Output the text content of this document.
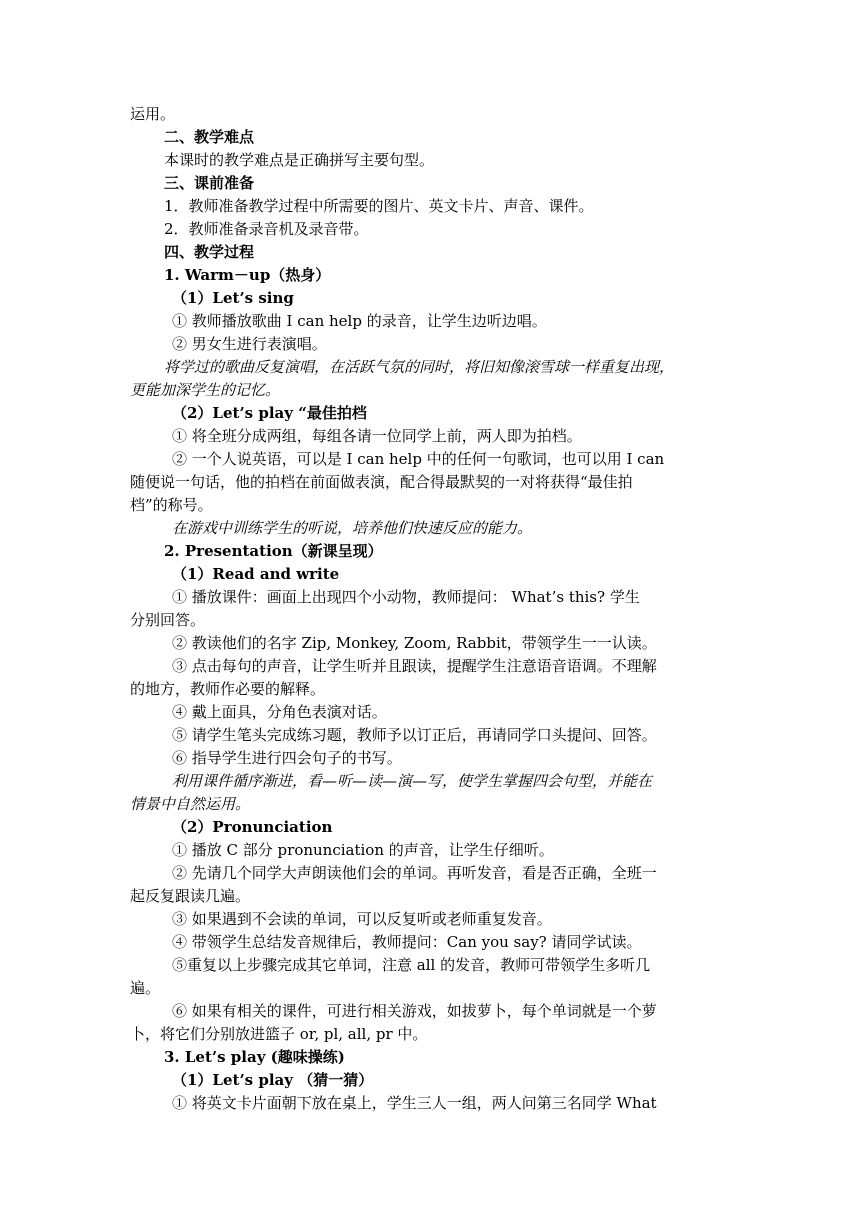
运用。
二、教学难点
本课时的教学难点是正确拼写主要句型。
三、课前准备
1．教师准备教学过程中所需要的图片、英文卡片、声音、课件。
2．教师准备录音机及录音带。
四、教学过程
1. Warm－up（热身）
（1）Let’s sing
① 教师播放歌曲 I can help 的录音，让学生边听边唱。
② 男女生进行表演唱。
将学过的歌曲反复演唱，在活跃气氛的同时，将旧知像滚雪球一样重复出现，
更能加深学生的记忆。
（2）Let’s play “最佳拍档
① 将全班分成两组，每组各请一位同学上前，两人即为拍档。
② 一个人说英语，可以是 I can help 中的任何一句歌词，也可以用 I can
随便说一句话，他的拍档在前面做表演，配合得最默契的一对将获得“最佳拍
档”的称号。
在游戏中训练学生的听说，培养他们快速反应的能力。
2. Presentation（新课呈现）
（1）Read and write
① 播放课件：画面上出现四个小动物，教师提问： What’s this? 学生
分别回答。
② 教读他们的名字 Zip, Monkey, Zoom, Rabbit，带领学生一一认读。
③ 点击每句的声音，让学生听并且跟读，提醒学生注意语音语调。不理解
的地方，教师作必要的解释。
④ 戴上面具，分角色表演对话。
⑤ 请学生笔头完成练习题，教师予以订正后，再请同学口头提问、回答。
⑥ 指导学生进行四会句子的书写。
利用课件循序渐进，看—听—读—演—写，使学生掌握四会句型，并能在
情景中自然运用。
（2）Pronunciation
① 播放 C 部分 pronunciation 的声音，让学生仔细听。
② 先请几个同学大声朗读他们会的单词。再听发音，看是否正确，全班一
起反复跟读几遍。
③ 如果遇到不会读的单词，可以反复听或老师重复发音。
④ 带领学生总结发音规律后，教师提问：Can you say? 请同学试读。
⑤重复以上步骤完成其它单词，注意 all 的发音，教师可带领学生多听几
遍。
⑥ 如果有相关的课件，可进行相关游戏，如拔萝卜，每个单词就是一个萝
卜，将它们分别放进篮子 or, pl, all, pr 中。
3. Let’s play (趣味操练)
（1）Let’s play （猜一猜）
① 将英文卡片面朝下放在桌上，学生三人一组，两人问第三名同学 What
